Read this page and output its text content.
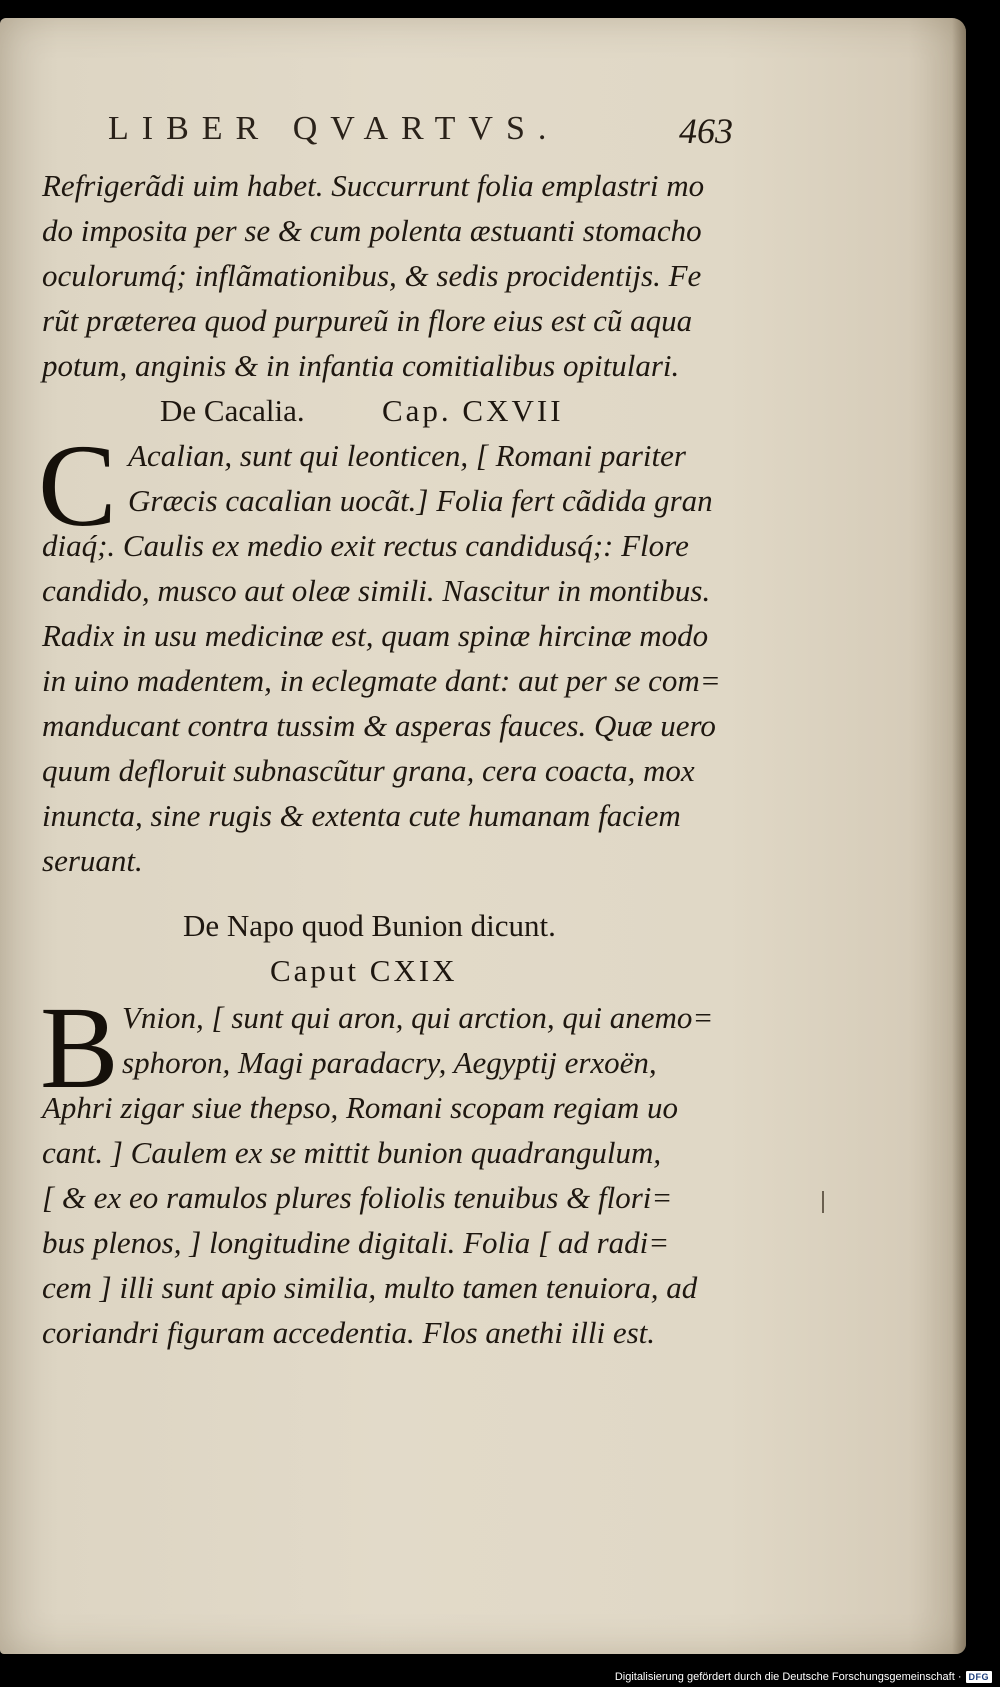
LIBER QVARTVS.	463
Refrigerãdi uim habet. Succurrunt folia emplastri mo
do imposita per se & cum polenta æstuanti stomacho
oculorumq́; inflãmationibus, & sedis procidentijs. Fe
rũt præterea quod purpureũ in flore eius est cũ aqua
potum, anginis & in infantia comitialibus opitulari.
De Cacalia. Cap. CXVII
C Acalian, sunt qui leonticen, [ Romani pariter
Græcis cacalian uocãt.] Folia fert cãdida gran
diaq́;. Caulis ex medio exit rectus candidusq́;: Flore
candido, musco aut oleæ simili. Nascitur in montibus.
Radix in usu medicinæ est, quam spinæ hircinæ modo
in uino madentem, in eclegmate dant: aut per se com=
manducant contra tussim & asperas fauces. Quæ uero
quum defloruit subnascũtur grana, cera coacta, mox
inuncta, sine rugis & extenta cute humanam faciem
seruant.
De Napo quod Bunion dicunt.
Caput CXIX
B Vnion, [ sunt qui aron, qui arction, qui anemo=
sphoron, Magi paradacry, Aegyptij erxoën,
Aphri zigar siue thepso, Romani scopam regiam uo
cant. ] Caulem ex se mittit bunion quadrangulum,
[ & ex eo ramulos plures foliolis tenuibus & flori=
bus plenos, ] longitudine digitali. Folia [ ad radi=
cem ] illi sunt apio similia, multo tamen tenuiora, ad
coriandri figuram accedentia. Flos anethi illi est.
Digitalisierung gefördert durch die Deutsche Forschungsgemeinschaft · DFG
